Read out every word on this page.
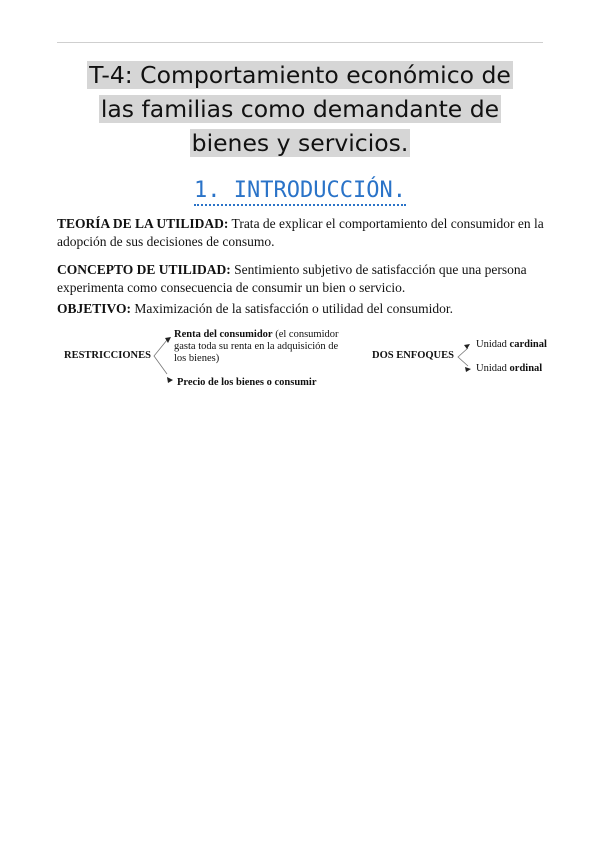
T-4: Comportamiento económico de
las familias como demandante de
bienes y servicios.
1. INTRODUCCIÓN.
TEORÍA DE LA UTILIDAD: Trata de explicar el comportamiento del consumidor en la adopción de sus decisiones de consumo.
CONCEPTO DE UTILIDAD: Sentimiento subjetivo de satisfacción que una persona experimenta como consecuencia de consumir un bien o servicio.
OBJETIVO: Maximización de la satisfacción o utilidad del consumidor.
RESTRICCIONES
Renta del consumidor (el consumidor gasta toda su renta en la adquisición de los bienes)
Precio de los bienes o consumir
DOS ENFOQUES
Unidad cardinal
Unidad ordinal
